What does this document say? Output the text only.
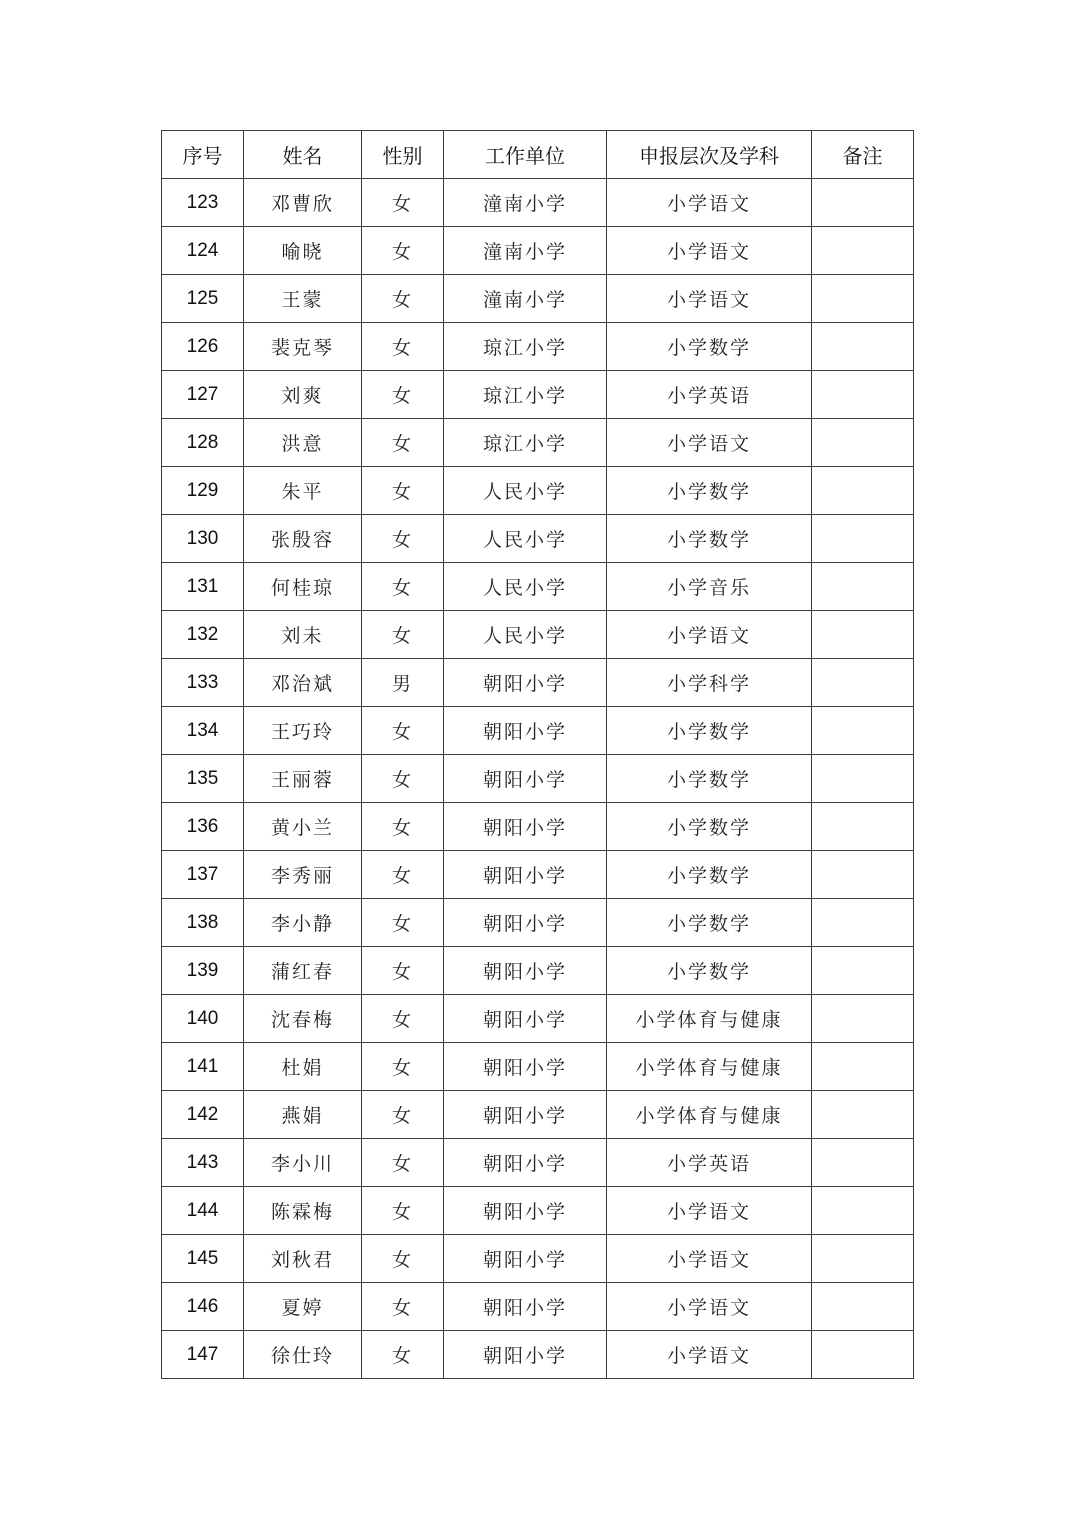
序号	姓名	性别	工作单位	申报层次及学科	备注
123	邓曹欣	女	潼南小学	小学语文	
124	喻晓	女	潼南小学	小学语文	
125	王蒙	女	潼南小学	小学语文	
126	裴克琴	女	琼江小学	小学数学	
127	刘爽	女	琼江小学	小学英语	
128	洪意	女	琼江小学	小学语文	
129	朱平	女	人民小学	小学数学	
130	张殷容	女	人民小学	小学数学	
131	何桂琼	女	人民小学	小学音乐	
132	刘未	女	人民小学	小学语文	
133	邓治斌	男	朝阳小学	小学科学	
134	王巧玲	女	朝阳小学	小学数学	
135	王丽蓉	女	朝阳小学	小学数学	
136	黄小兰	女	朝阳小学	小学数学	
137	李秀丽	女	朝阳小学	小学数学	
138	李小静	女	朝阳小学	小学数学	
139	蒲红春	女	朝阳小学	小学数学	
140	沈春梅	女	朝阳小学	小学体育与健康	
141	杜娟	女	朝阳小学	小学体育与健康	
142	燕娟	女	朝阳小学	小学体育与健康	
143	李小川	女	朝阳小学	小学英语	
144	陈霖梅	女	朝阳小学	小学语文	
145	刘秋君	女	朝阳小学	小学语文	
146	夏婷	女	朝阳小学	小学语文	
147	徐仕玲	女	朝阳小学	小学语文	
